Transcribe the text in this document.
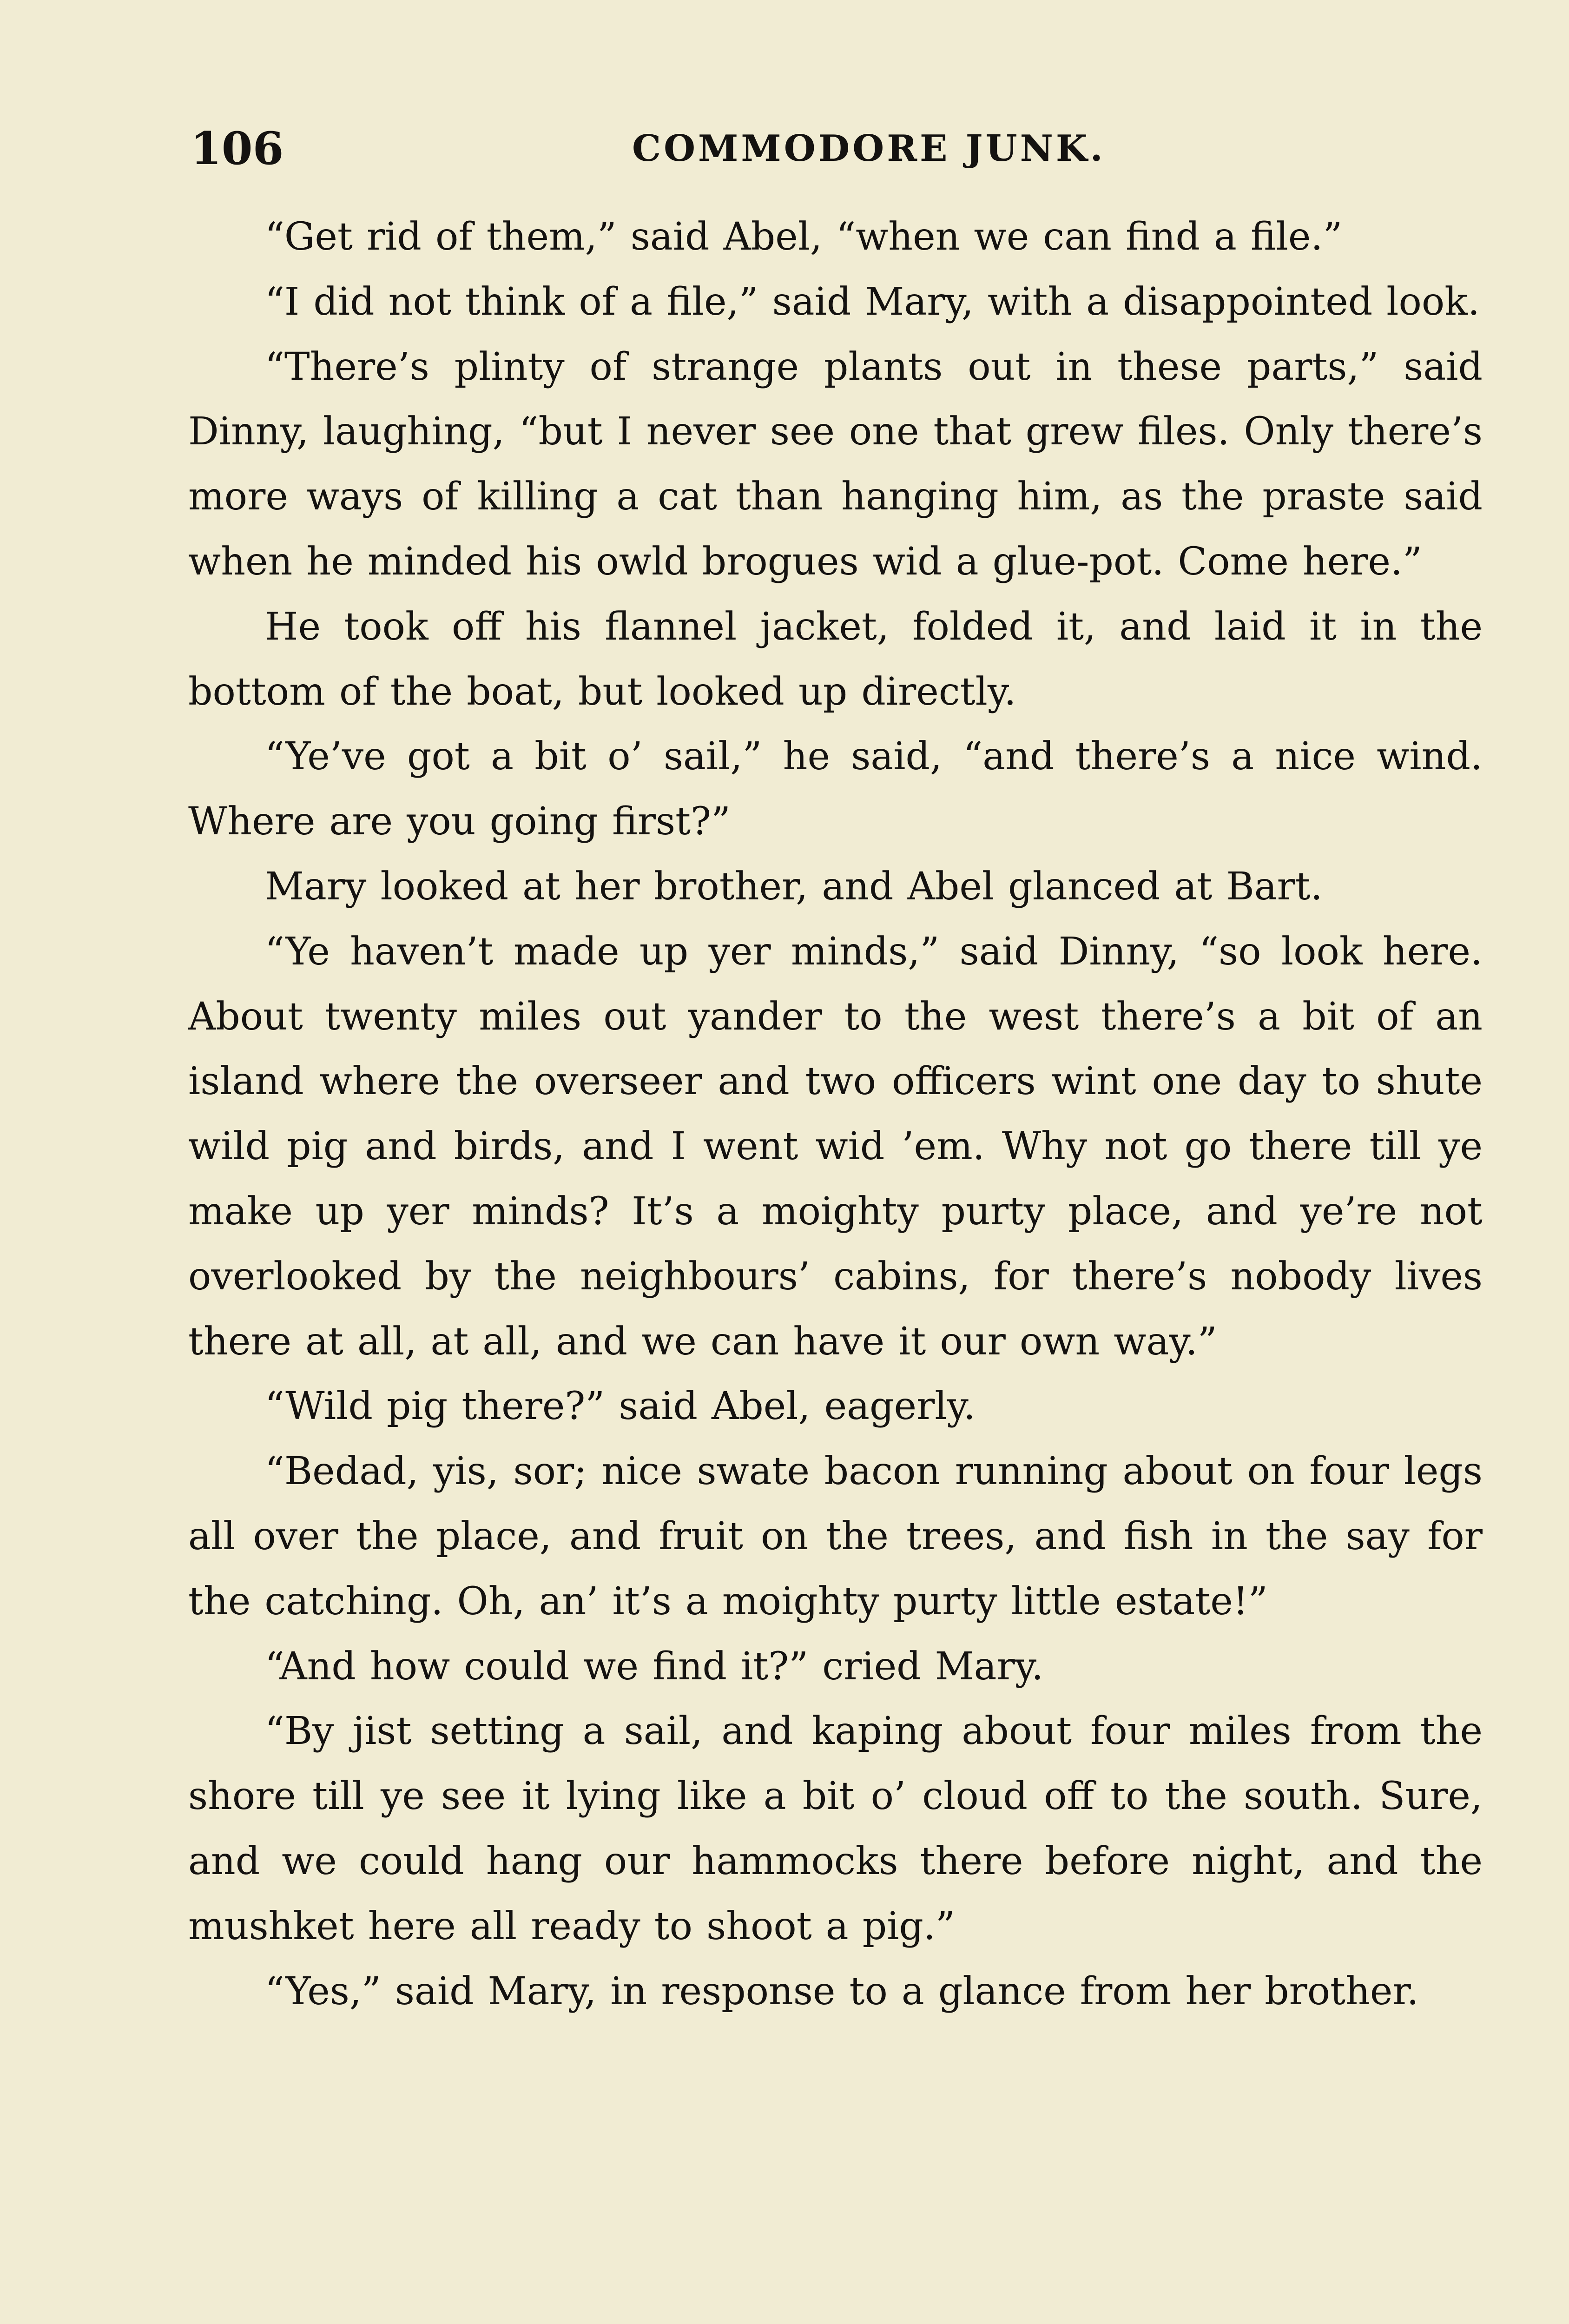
106	COMMODORE JUNK.

“Get rid of them,” said Abel, “when we can find a file.”

“I did not think of a file,” said Mary, with a disappointed look.

“There’s plinty of strange plants out in these parts,” said Dinny, laughing, “but I never see one that grew files. Only there’s more ways of killing a cat than hanging him, as the praste said when he minded his owld brogues wid a glue-pot. Come here.”

He took off his flannel jacket, folded it, and laid it in the bottom of the boat, but looked up directly.

“Ye’ve got a bit o’ sail,” he said, “and there’s a nice wind. Where are you going first?”

Mary looked at her brother, and Abel glanced at Bart.

“Ye haven’t made up yer minds,” said Dinny, “so look here. About twenty miles out yander to the west there’s a bit of an island where the overseer and two officers wint one day to shute wild pig and birds, and I went wid ’em. Why not go there till ye make up yer minds? It’s a moighty purty place, and ye’re not overlooked by the neighbours’ cabins, for there’s nobody lives there at all, at all, and we can have it our own way.”

“Wild pig there?” said Abel, eagerly.

“Bedad, yis, sor; nice swate bacon running about on four legs all over the place, and fruit on the trees, and fish in the say for the catching. Oh, an’ it’s a moighty purty little estate!”

“And how could we find it?” cried Mary.

“By jist setting a sail, and kaping about four miles from the shore till ye see it lying like a bit o’ cloud off to the south. Sure, and we could hang our hammocks there before night, and the mushket here all ready to shoot a pig.”

“Yes,” said Mary, in response to a glance from her brother.
